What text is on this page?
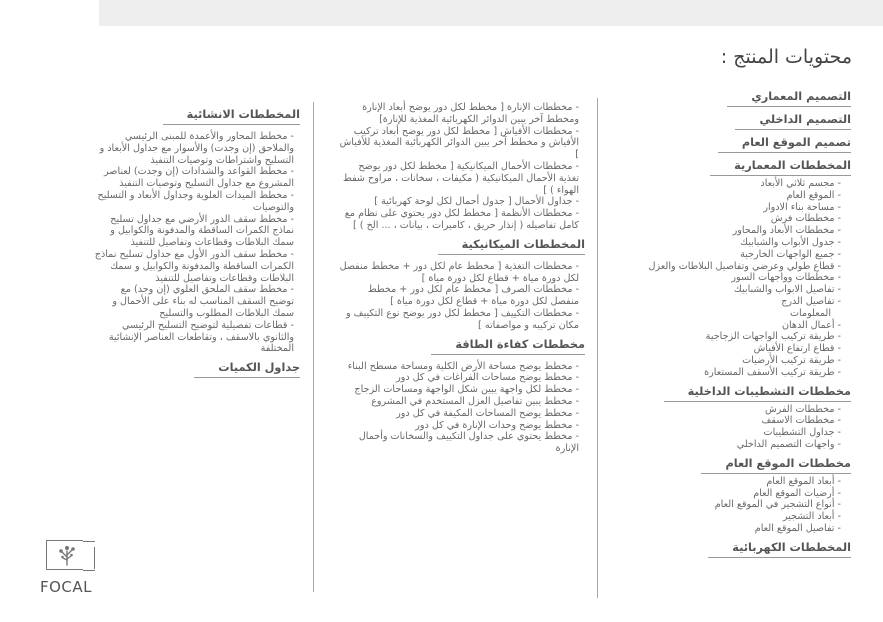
محتويات المنتج :
التصميم المعماري
التصميم الداخلي
تصميم الموقع العام
المخططات المعمارية
- مجسم ثلاثي الأبعاد
- الموقع العام
- مساحة بناء الادوار
- مخططات فرش
- مخططات الأبعاد والمحاور
- جدول الأبواب والشبابيك
- جميع الواجهات الخارجية
- قطاع طولي وعرضي وتفاصيل البلاطات والعزل
- مخططات وواجهات السور
- تفاصيل الابواب والشبابيك
- تفاصيل الدرج
المعلومات
- أعمال الدهان
- طريقة تركيب الواجهات الزجاجية
- قطاع ارتفاع الأفياش
- طريقة تركيب الأرضيات
- طريقة تركيب الأسقف المستعارة
مخططات التشطيبات الداخلية
- مخططات الفرش
- مخططات الاسقف
- جداول التشطيبات
- واجهات التصميم الداخلي
مخططات الموقع العام
- أبعاد الموقع العام
- أرضيات الموقع العام
- أنواع التشجير في الموقع العام
- أبعاد التشجير
- تفاصيل الموقع العام
المخططات الكهربائية
- مخططات الإنارة [ مخطط لكل دور يوضح أبعاد الإنارة ومخطط آخر يبين الدوائر الكهربائية المغذية للإنارة]
- مخططات الأفياش [ مخطط لكل دور يوضح أبعاد تركيب الأفياش و مخطط آخر يبين الدوائر الكهربائية المغذية للأفياش ]
- مخططات الأحمال الميكانيكية [ مخطط لكل دور يوضح تغذية الأحمال الميكانيكية ( مكيفات ، سخانات ، مراوح شفط الهواء ) ]
- جداول الأحمال [ جدول أحمال لكل لوحة كهربائية ]
- مخططات الأنظمة [ مخطط لكل دور يحتوي على نظام مع كامل تفاصيله ( إنذار حريق ، كاميرات ، بيانات ، ... الخ ) ]
المخططات الميكانيكية
- مخططات التغذية [ مخطط عام لكل دور + مخطط منفصل لكل دورة مياة + قطاع لكل دورة مياة ]
- مخططات الصرف [ مخطط عام لكل دور + مخطط منفصل لكل دورة مياة + قطاع لكل دورة مياة ]
- مخططات التكييف [ مخطط لكل دور يوضح نوع التكييف و مكان تركيبه و مواصفاته ]
مخططات كفاءة الطاقة
- مخطط يوضح مساحة الأرض الكلية ومساحة مسطح البناء
- مخطط يوضح مساحات الفراغات في كل دور
- مخطط لكل واجهة يبين شكل الواجهة ومساحات الزجاج
- مخطط يبين تفاصيل العزل المستخدم في المشروع
- مخطط يوضح المساحات المكيفة في كل دور
- مخطط يوضح وحدات الإنارة في كل دور
- مخطط يحتوي على جداول التكييف والسخانات وأحمال الإنارة
المخططات الانشائية
- مخطط المحاور والأعمدة للمبنى الرئيسي والملاحق (إن وجدت) والأسوار مع جداول الأبعاد و التسليح واشتراطات وتوصيات التنفيذ
- مخطط القواعد والشدادات (إن وجدت) لعناصر المشروع مع جداول التسليح وتوصيات التنفيذ
- مخطط الميدات العلوية وجداول الأبعاد و التسليح والتوصيات
- مخطط سقف الدور الأرضي مع جداول تسليح نماذج الكمرات الساقطة والمدفونة والكوابيل و سمك البلاطات وقطاعات وتفاصيل للتنفيذ
- مخطط سقف الدور الأول مع جداول تسليح نماذج الكمرات الساقطة والمدفونة والكوابيل و سمك البلاطات وقطاعات وتفاصيل للتنفيذ
- مخطط سقف الملحق العلوي (إن وجد) مع توضيح السقف المناسب له بناء على الأحمال و سمك البلاطات المطلوب والتسليح
- قطاعات تفصيلية لتوضيح التسليح الرئيسي والثانوي بالاسقف ، وتقاطعات العناصر الإنشائية المختلفة
جداول الكميات
FOCAL
